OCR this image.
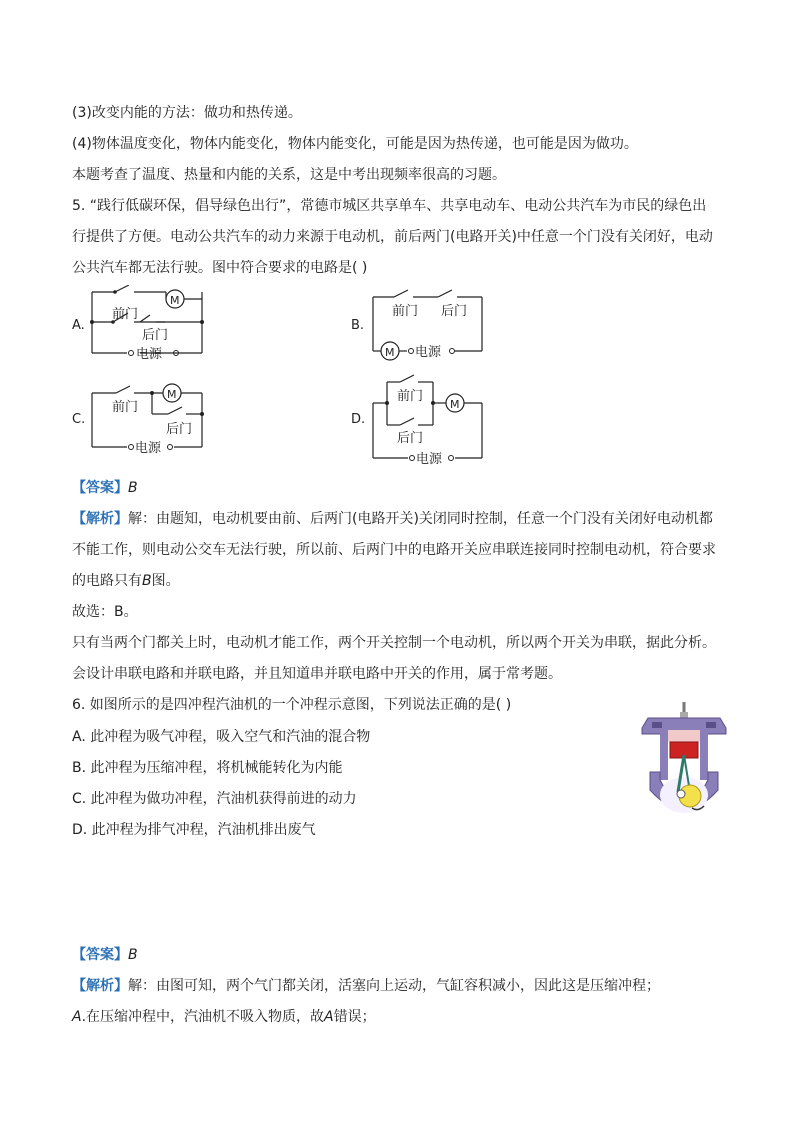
(3)改变内能的方法：做功和热传递。
(4)物体温度变化，物体内能变化，物体内能变化，可能是因为热传递，也可能是因为做功。
本题考查了温度、热量和内能的关系，这是中考出现频率很高的习题。
5. “践行低碳环保，倡导绿色出行”，常德市城区共享单车、共享电动车、电动公共汽车为市民的绿色出
行提供了方便。电动公共汽车的动力来源于电动机，前后两门(电路开关)中任意一个门没有关闭好，电动
公共汽车都无法行驶。图中符合要求的电路是( )
A.
前门
后门
M
电源
B.
前门 后门
M 电源
C.
前门
后门
M
电源
D.
前门
后门
M
电源
【答案】B
【解析】解：由题知，电动机要由前、后两门(电路开关)关闭同时控制，任意一个门没有关闭好电动机都
不能工作，则电动公交车无法行驶，所以前、后两门中的电路开关应串联连接同时控制电动机，符合要求
的电路只有B图。
故选：B。
只有当两个门都关上时，电动机才能工作，两个开关控制一个电动机，所以两个开关为串联，据此分析。
会设计串联电路和并联电路，并且知道串并联电路中开关的作用，属于常考题。
6. 如图所示的是四冲程汽油机的一个冲程示意图，下列说法正确的是( )
A. 此冲程为吸气冲程，吸入空气和汽油的混合物
B. 此冲程为压缩冲程，将机械能转化为内能
C. 此冲程为做功冲程，汽油机获得前进的动力
D. 此冲程为排气冲程，汽油机排出废气
【答案】B
【解析】解：由图可知，两个气门都关闭，活塞向上运动，气缸容积减小，因此这是压缩冲程；
A.在压缩冲程中，汽油机不吸入物质，故A错误；
